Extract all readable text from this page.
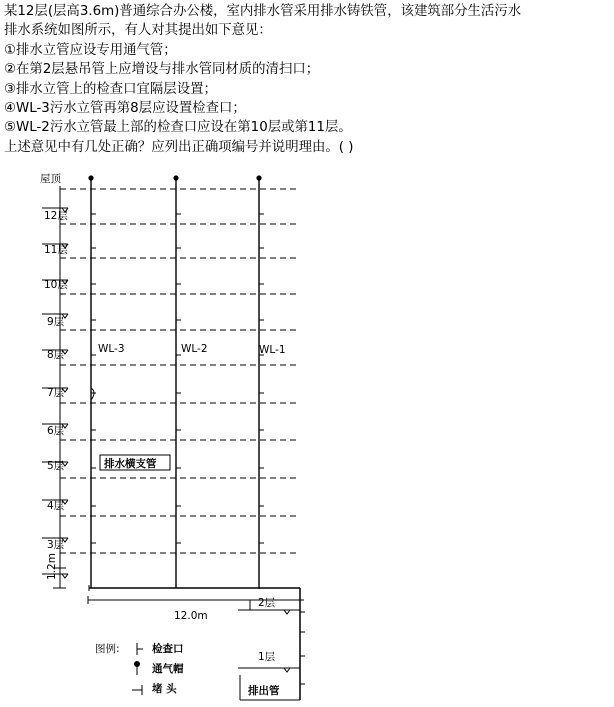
某12层(层高3.6m)普通综合办公楼，室内排水管采用排水铸铁管，该建筑部分生活污水
排水系统如图所示，有人对其提出如下意见：
①排水立管应设专用通气管；
②在第2层悬吊管上应增设与排水管同材质的清扫口；
③排水立管上的检查口宜隔层设置；
④WL-3污水立管再第8层应设置检查口；
⑤WL-2污水立管最上部的检查口应设在第10层或第11层。
上述意见中有几处正确？应列出正确项编号并说明理由。( )
屋顶
12层
11层
10层
9层
8层
7层
6层
5层
4层
3层
2层
1层
WL-3	WL-2	WL-1
排水横支管
1.2m
12.0m
排出管
图例:	检查口
通气帽
堵 头
